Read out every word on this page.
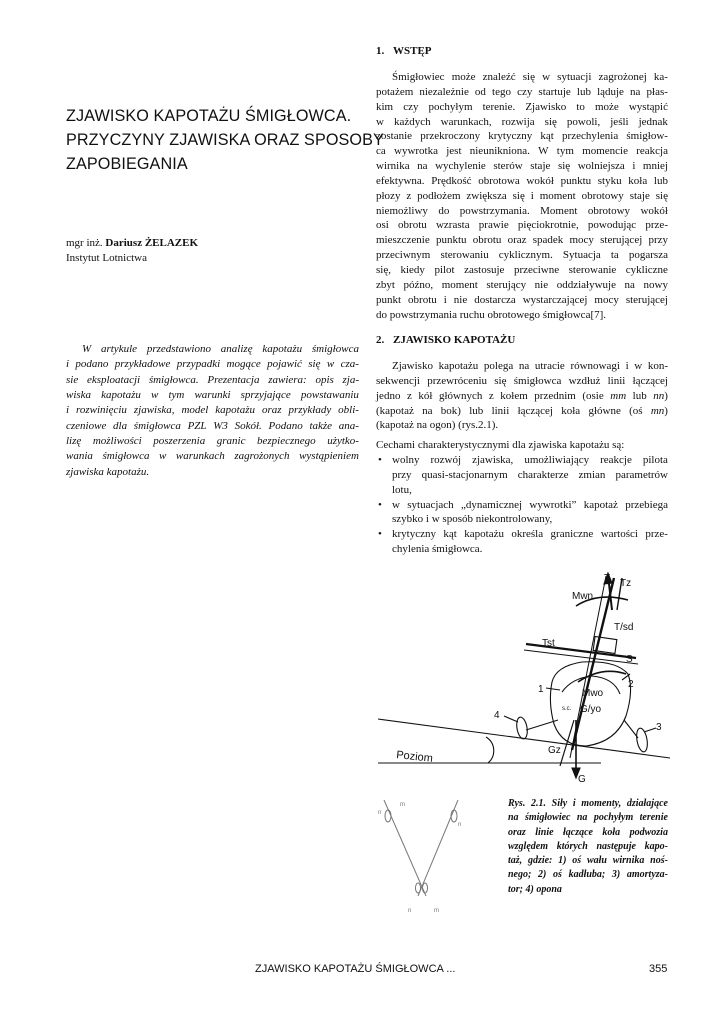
ZJAWISKO KAPOTAŻU ŚMIGŁOWCA.
PRZYCZYNY ZJAWISKA ORAZ SPOSOBY
ZAPOBIEGANIA
mgr inż. Dariusz ŻELAZEK
Instytut Lotnictwa
W artykule przedstawiono analizę kapotażu śmigłowca
i podano przykładowe przypadki mogące pojawić się w cza-
sie eksploatacji śmigłowca. Prezentacja zawiera: opis zja-
wiska kapotażu w tym warunki sprzyjające powstawaniu
i rozwinięciu zjawiska, model kapotażu oraz przykłady obli-
czeniowe dla śmigłowca PZL W3 Sokół. Podano także ana-
lizę możliwości poszerzenia granic bezpiecznego użytko-
wania śmigłowca w warunkach zagrożonych wystąpieniem
zjawiska kapotażu.
1. WSTĘP
Śmigłowiec może znaleźć się w sytuacji zagrożonej ka-
potażem niezależnie od tego czy startuje lub ląduje na płas-
kim czy pochyłym terenie. Zjawisko to może wystąpić
w każdych warunkach, rozwija się powoli, jeśli jednak
zostanie przekroczony krytyczny kąt przechylenia śmigłow-
ca wywrotka jest nieunikniona. W tym momencie reakcja
wirnika na wychylenie sterów staje się wolniejsza i mniej
efektywna. Prędkość obrotowa wokół punktu styku koła lub
płozy z podłożem zwiększa się i moment obrotowy staje się
niemożliwy do powstrzymania. Moment obrotowy wokół
osi obrotu wzrasta prawie pięciokrotnie, powodując prze-
mieszczenie punktu obrotu oraz spadek mocy sterującej przy
przeciwnym sterowaniu cyklicznym. Sytuacja ta pogarsza
się, kiedy pilot zastosuje przeciwne sterowanie cykliczne
zbyt późno, moment sterujący nie oddziaływuje na nowy
punkt obrotu i nie dostarcza wystarczającej mocy sterującej
do powstrzymania ruchu obrotowego śmigłowca[7].
2. ZJAWISKO KAPOTAŻU
Zjawisko kapotażu polega na utracie równowagi i w kon-
sekwencji przewróceniu się śmigłowca wzdłuż linii łączącej
jedno z kół głównych z kołem przednim (osie mm lub nn)
(kapotaż na bok) lub linii łączącej koła główne (oś mn)
(kapotaż na ogon) (rys.2.1).
Cechami charakterystycznymi dla zjawiska kapotażu są:
• wolny rozwój zjawiska, umożliwiający reakcje pilota
przy quasi-stacjonarnym charakterze zmian parametrów
lotu,
• w sytuacjach „dynamicznej wywrotki” kapotaż przebiega
szybko i w sposób niekontrolowany,
• krytyczny kąt kapotażu określa graniczne wartości prze-
chylenia śmigłowca.
T Tz
Mwn
T/sd
Tst
S
1	2
Mwo
G/yo
s.c.
3
4
Gz
G
Poziom
n
n
m
n	m
Rys. 2.1. Siły i momenty, działające
na śmigłowiec na pochyłym terenie
oraz linie łączące koła podwozia
względem których następuje kapo-
taż, gdzie: 1) oś wału wirnika noś-
nego; 2) oś kadłuba; 3) amortyza-
tor; 4) opona
ZJAWISKO KAPOTAŻU ŚMIGŁOWCA ...	355
